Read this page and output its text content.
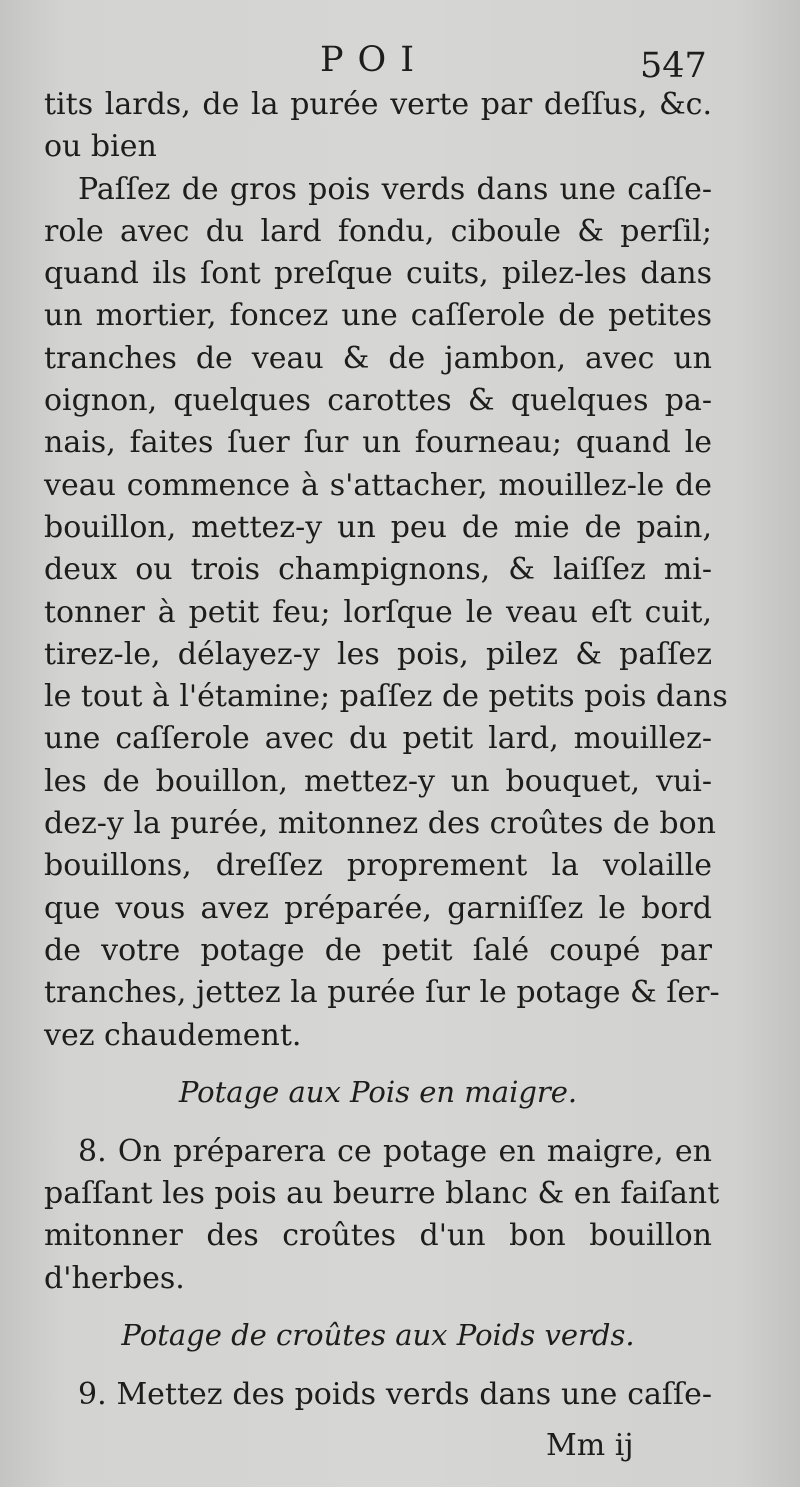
POI	547
tits lards, de la purée verte par deſſus, &c.
ou bien
Paſſez de gros pois verds dans une caſſe-
role avec du lard fondu, ciboule & perſil;
quand ils ſont preſque cuits, pilez-les dans
un mortier, foncez une caſſerole de petites
tranches de veau & de jambon, avec un
oignon, quelques carottes & quelques pa-
nais, faites ſuer ſur un fourneau; quand le
veau commence à s'attacher, mouillez-le de
bouillon, mettez-y un peu de mie de pain,
deux ou trois champignons, & laiſſez mi-
tonner à petit feu; lorſque le veau eſt cuit,
tirez-le, délayez-y les pois, pilez & paſſez
le tout à l'étamine; paſſez de petits pois dans
une caſſerole avec du petit lard, mouillez-
les de bouillon, mettez-y un bouquet, vui-
dez-y la purée, mitonnez des croûtes de bon
bouillons, dreſſez proprement la volaille
que vous avez préparée, garniſſez le bord
de votre potage de petit ſalé coupé par
tranches, jettez la purée ſur le potage & ſer-
vez chaudement.
Potage aux Pois en maigre.
8. On préparera ce potage en maigre, en
paſſant les pois au beurre blanc & en faiſant
mitonner des croûtes d'un bon bouillon
d'herbes.
Potage de croûtes aux Poids verds.
9. Mettez des poids verds dans une caſſe-
Mm ij
